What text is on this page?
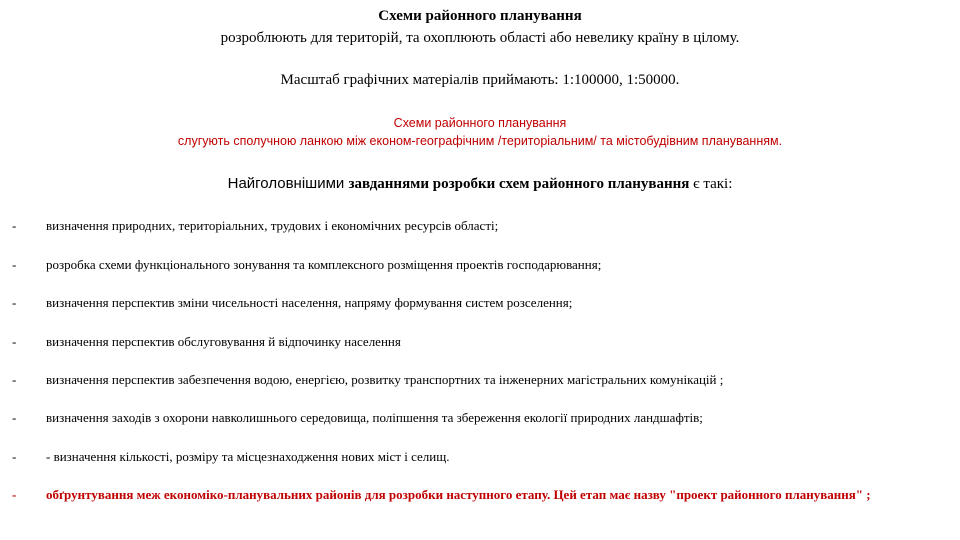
Схеми районного планування
розроблюють для територій, та охоплюють області або невелику країну в цілому.
Масштаб графічних матеріалів приймають: 1:100000, 1:50000.
Схеми районного планування
слугують сполучною ланкою між економ-географічним /територіальним/ та містобудівним плануванням.
Найголовнішими завданнями розробки схем районного планування є такі:
- визначення природних, територіальних, трудових і економічних ресурсів області;
- розробка схеми функціонального зонування та комплексного розміщення проектів господарювання;
- визначення перспектив зміни чисельності населення, напряму формування систем розселення;
- визначення перспектив обслуговування й відпочинку населення
- визначення перспектив забезпечення водою, енергією, розвитку транспортних та інженерних магістральних комунікацій ;
- визначення заходів з охорони навколишнього середовища, поліпшення та збереження екології природних ландшафтів;
- - визначення кількості, розміру та місцезнаходження нових міст і селищ.
- обґрунтування меж економіко-планувальних районів для розробки наступного етапу. Цей етап має назву "проект районного планування" ;
